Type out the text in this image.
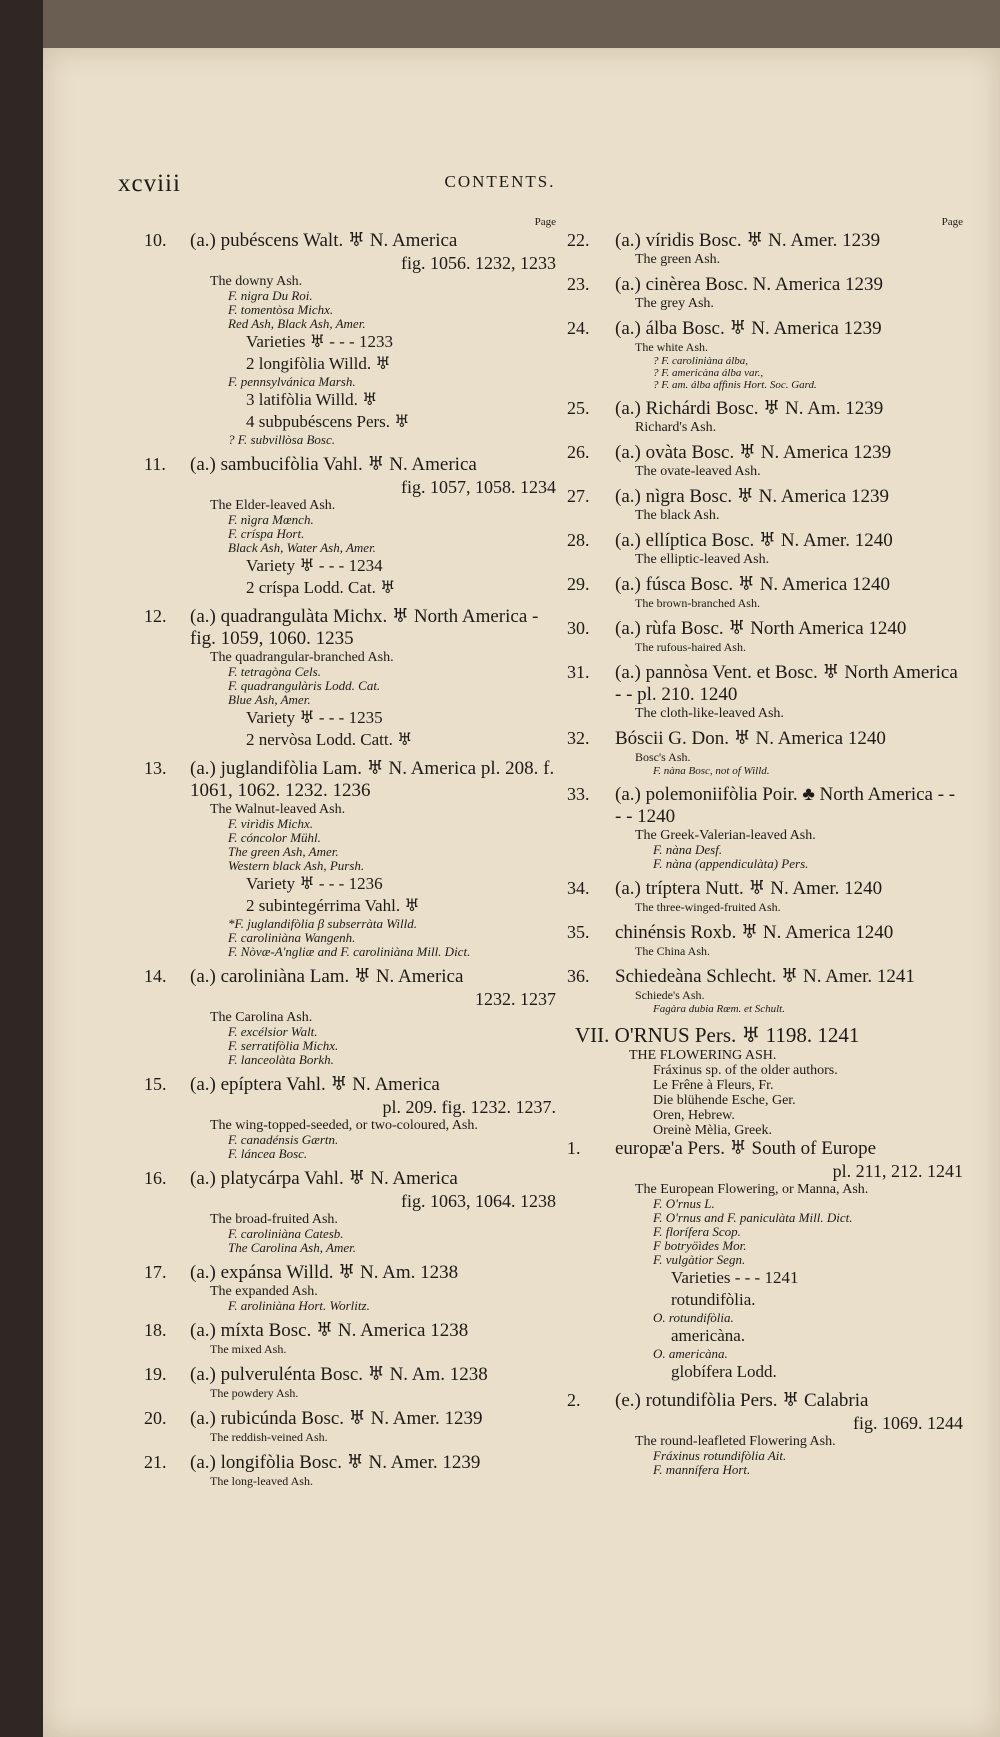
xcviii	CONTENTS.
Page
10.	(a.) pubéscens Walt. ♅ N. America
fig. 1056. 1232, 1233
The downy Ash.
F. nigra Du Roi.
F. tomentòsa Michx.
Red Ash, Black Ash, Amer.
Varieties ♅ - - - 1233
2 longifòlia Willd. ♅
F. pennsylvánica Marsh.
3 latifòlia Willd. ♅
4 subpubéscens Pers. ♅
? F. subvillòsa Bosc.
11.	(a.) sambucifòlia Vahl. ♅ N. America
fig. 1057, 1058. 1234
The Elder-leaved Ash.
F. nìgra Mœnch.
F. críspa Hort.
Black Ash, Water Ash, Amer.
Variety ♅ - - - 1234
2 críspa Lodd. Cat. ♅
12.	(a.) quadrangulàta Michx. ♅ North America - fig. 1059, 1060. 1235
The quadrangular-branched Ash.
F. tetragòna Cels.
F. quadrangulàris Lodd. Cat.
Blue Ash, Amer.
Variety ♅ - - - 1235
2 nervòsa Lodd. Catt. ♅
13.	(a.) juglandifòlia Lam. ♅ N. America pl. 208. f. 1061, 1062. 1232. 1236
The Walnut-leaved Ash.
F. virìdis Michx.
F. cóncolor Mühl.
The green Ash, Amer.
Western black Ash, Pursh.
Variety ♅ - - - 1236
2 subintegérrima Vahl. ♅
*F. juglandifòlia β subserràta Willd.
F. caroliniàna Wangenh.
F. Nòvæ-A'ngliæ and F. caroliniàna Mill. Dict.
14.	(a.) caroliniàna Lam. ♅ N. America
1232. 1237
The Carolina Ash.
F. excélsior Walt.
F. serratifòlia Michx.
F. lanceolàta Borkh.
15.	(a.) epíptera Vahl. ♅ N. America
pl. 209. fig. 1232. 1237.
The wing-topped-seeded, or two-coloured, Ash.
F. canadénsis Gærtn.
F. láncea Bosc.
16.	(a.) platycárpa Vahl. ♅ N. America
fig. 1063, 1064. 1238
The broad-fruited Ash.
F. caroliniàna Catesb.
The Carolina Ash, Amer.
17.	(a.) expánsa Willd. ♅ N. Am. 1238
The expanded Ash.
F. aroliniàna Hort. Worlitz.
18.	(a.) míxta Bosc. ♅ N. America 1238
The mixed Ash.
19.	(a.) pulverulénta Bosc. ♅ N. Am. 1238
The powdery Ash.
20.	(a.) rubicúnda Bosc. ♅ N. Amer. 1239
The reddish-veined Ash.
21.	(a.) longifòlia Bosc. ♅ N. Amer. 1239
The long-leaved Ash.
Page
22.	(a.) víridis Bosc. ♅ N. Amer. 1239
The green Ash.
23.	(a.) cinèrea Bosc. N. America 1239
The grey Ash.
24.	(a.) álba Bosc. ♅ N. America 1239
The white Ash.
? F. caroliniàna álba,
? F. americàna álba var.,
? F. am. álba affìnis Hort. Soc. Gard.
25.	(a.) Richárdi Bosc. ♅ N. Am. 1239
Richard's Ash.
26.	(a.) ovàta Bosc. ♅ N. America 1239
The ovate-leaved Ash.
27.	(a.) nìgra Bosc. ♅ N. America 1239
The black Ash.
28.	(a.) ellíptica Bosc. ♅ N. Amer. 1240
The elliptic-leaved Ash.
29.	(a.) fúsca Bosc. ♅ N. America 1240
The brown-branched Ash.
30.	(a.) rùfa Bosc. ♅ North America 1240
The rufous-haired Ash.
31.	(a.) pannòsa Vent. et Bosc. ♅ North America - - pl. 210. 1240
The cloth-like-leaved Ash.
32.	Bóscii G. Don. ♅ N. America 1240
Bosc's Ash.
F. nàna Bosc, not of Willd.
33.	(a.) polemoniifòlia Poir. ♣ North America - - - - 1240
The Greek-Valerian-leaved Ash.
F. nàna Desf.
F. nàna (appendiculàta) Pers.
34.	(a.) tríptera Nutt. ♅ N. Amer. 1240
The three-winged-fruited Ash.
35.	chinénsis Roxb. ♅ N. America 1240
The China Ash.
36.	Schiedeàna Schlecht. ♅ N. Amer. 1241
Schiede's Ash.
Fagàra dubia Rœm. et Schult.
VII. O'RNUS Pers. ♅ 1198. 1241
THE FLOWERING ASH.
Fráxinus sp. of the older authors.
Le Frêne à Fleurs, Fr.
Die blühende Esche, Ger.
Oren, Hebrew.
Oreinè Mèlia, Greek.
1.	europæ'a Pers. ♅ South of Europe
pl. 211, 212. 1241
The European Flowering, or Manna, Ash.
F. O'rnus L.
F. O'rnus and F. paniculàta Mill. Dict.
F. florífera Scop.
F botryöìdes Mor.
F. vulgàtior Segn.
Varieties - - - 1241
rotundifòlia.
O. rotundifòlia.
americàna.
O. americàna.
globífera Lodd.
2.	(e.) rotundifòlia Pers. ♅ Calabria
fig. 1069. 1244
The round-leafleted Flowering Ash.
Fráxinus rotundifòlia Ait.
F. mannífera Hort.
